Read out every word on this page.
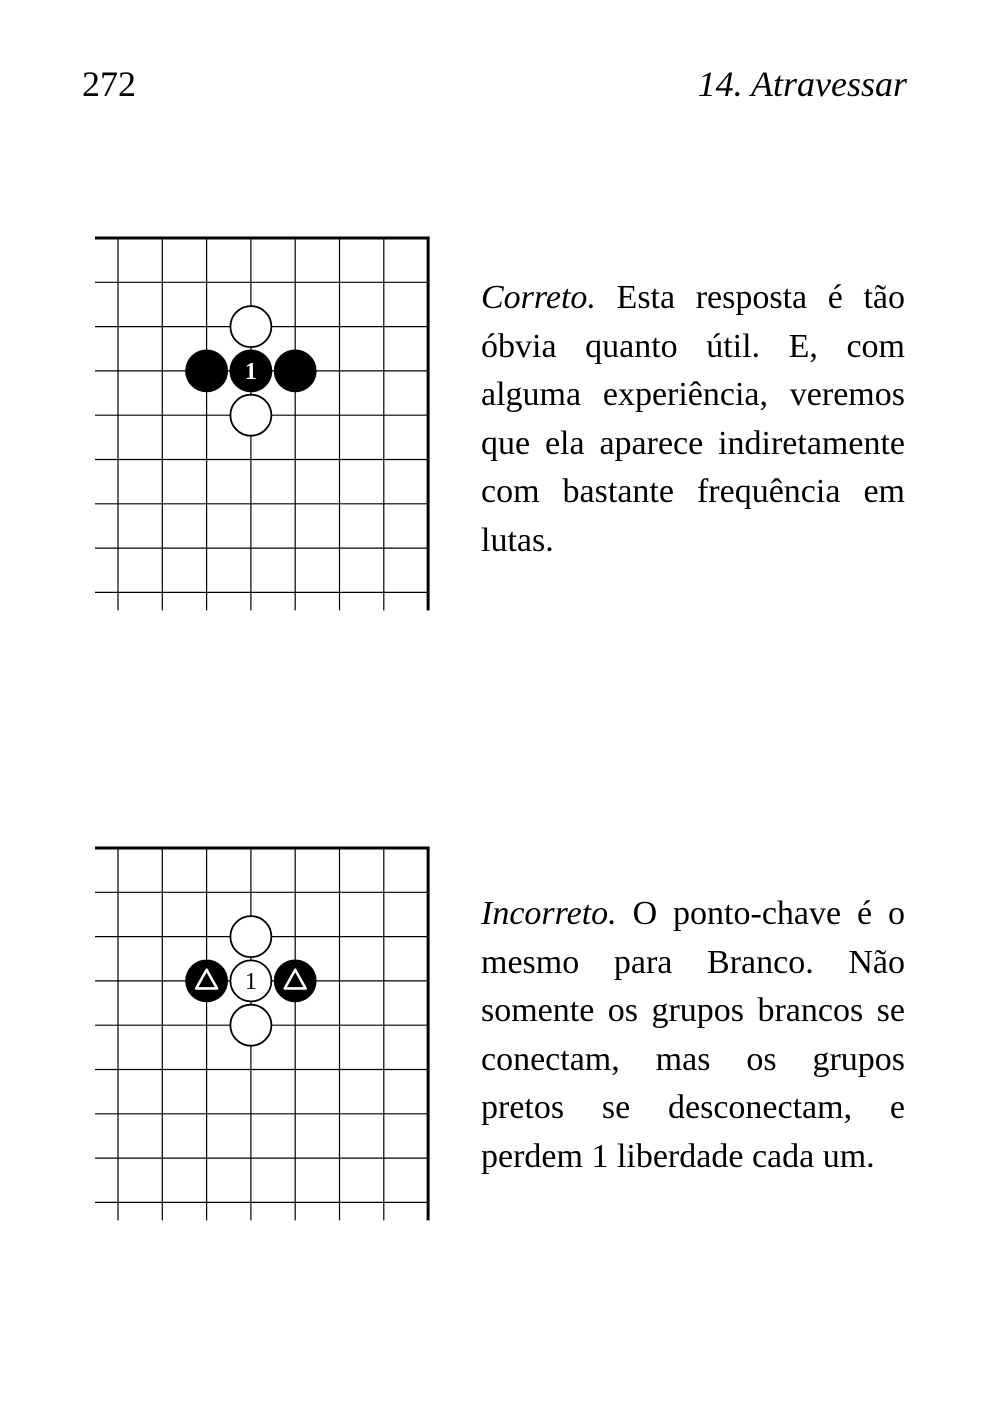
272	14. Atravessar
1
Correto. Esta resposta é tão óbvia quanto útil. E, com alguma experiência, veremos que ela aparece indiretamente com bastante frequência em lutas.
1
Incorreto. O ponto-chave é o mesmo para Branco. Não somente os grupos brancos se conectam, mas os grupos pretos se desconectam, e perdem 1 liberdade cada um.
